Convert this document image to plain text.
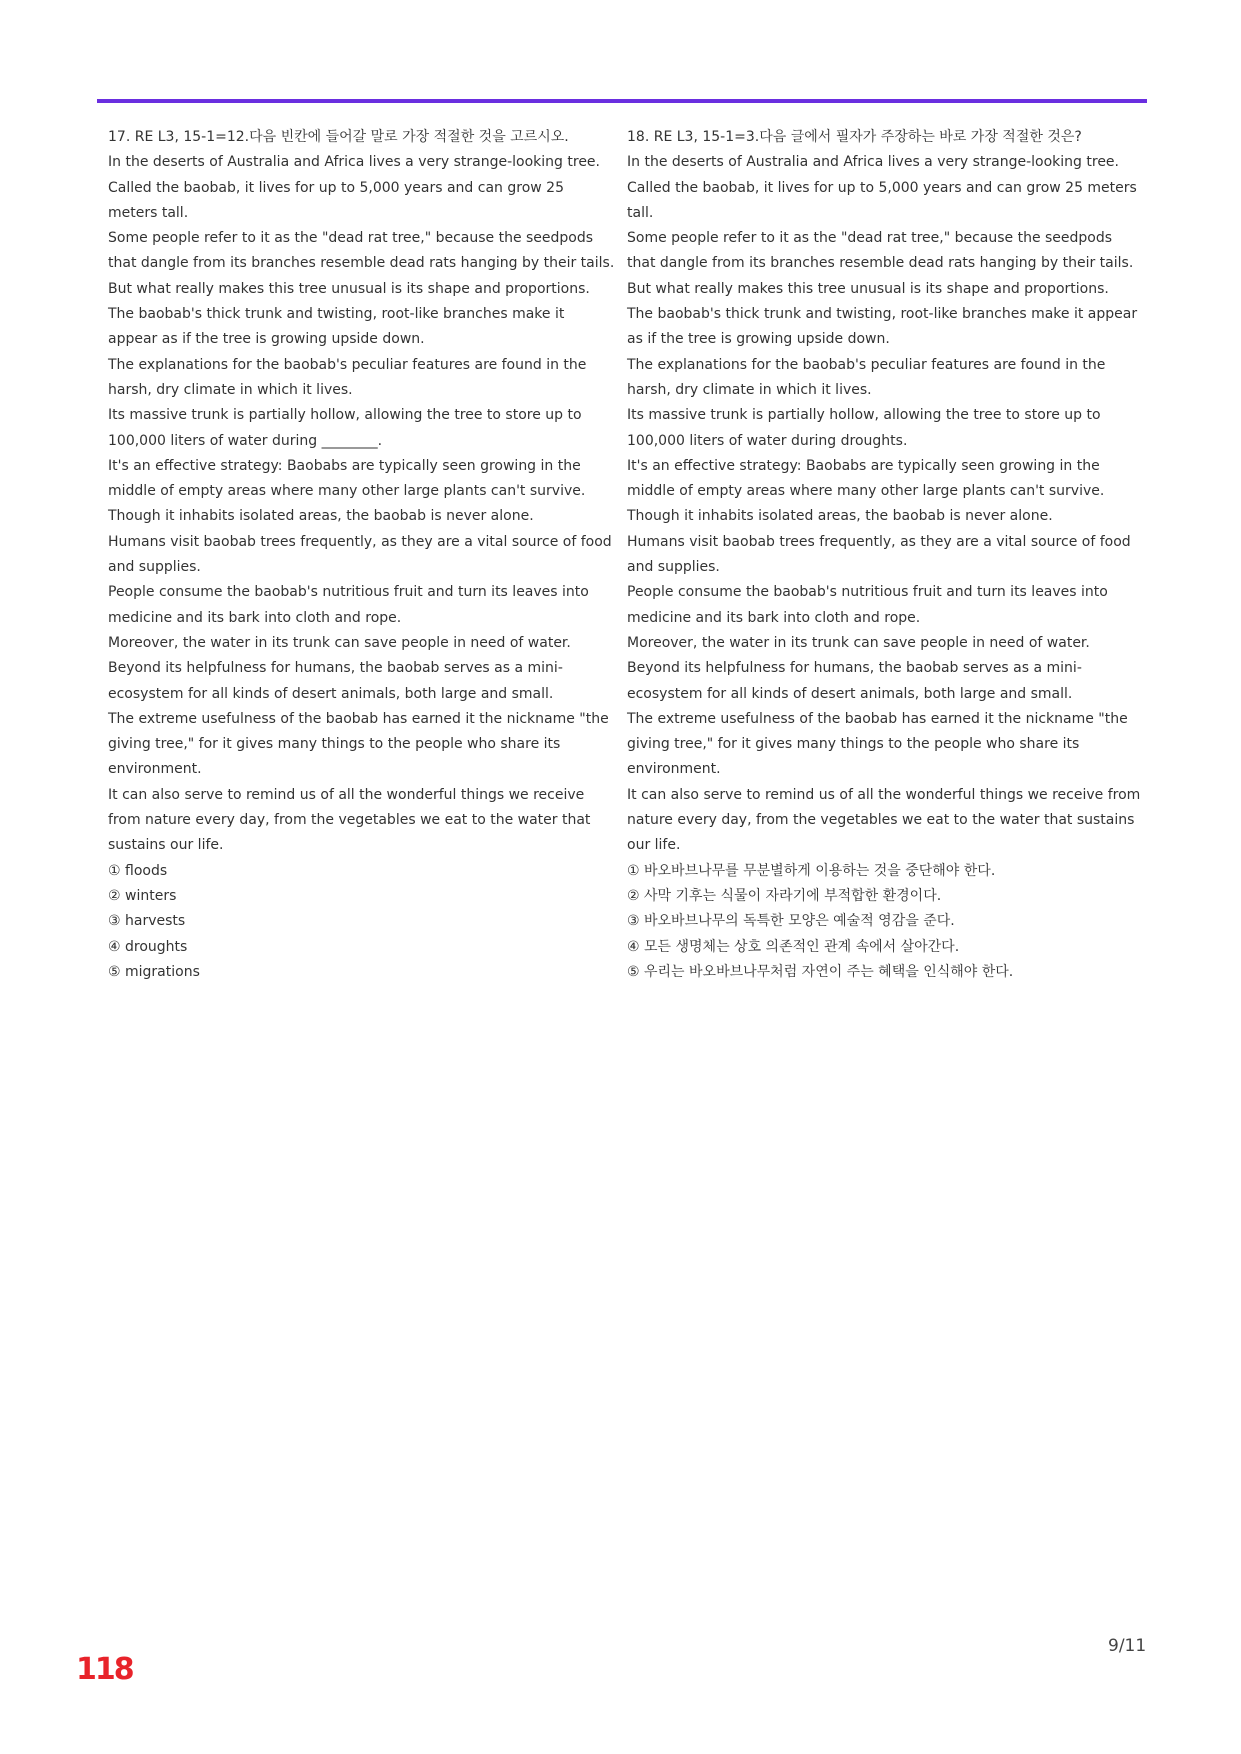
17. RE L3, 15-1=12.다음 빈칸에 들어갈 말로 가장 적절한 것을 고르시오.

In the deserts of Australia and Africa lives a very strange-looking tree.

Called the baobab, it lives for up to 5,000 years and can grow 25 meters tall.

Some people refer to it as the "dead rat tree," because the seedpods that dangle from its branches resemble dead rats hanging by their tails.

But what really makes this tree unusual is its shape and proportions.

The baobab's thick trunk and twisting, root-like branches make it appear as if the tree is growing upside down.

The explanations for the baobab's peculiar features are found in the harsh, dry climate in which it lives.

Its massive trunk is partially hollow, allowing the tree to store up to 100,000 liters of water during ________.

It's an effective strategy: Baobabs are typically seen growing in the middle of empty areas where many other large plants can't survive.

Though it inhabits isolated areas, the baobab is never alone.

Humans visit baobab trees frequently, as they are a vital source of food and supplies.

People consume the baobab's nutritious fruit and turn its leaves into medicine and its bark into cloth and rope.

Moreover, the water in its trunk can save people in need of water.

Beyond its helpfulness for humans, the baobab serves as a mini-ecosystem for all kinds of desert animals, both large and small.

The extreme usefulness of the baobab has earned it the nickname "the giving tree," for it gives many things to the people who share its environment.

It can also serve to remind us of all the wonderful things we receive from nature every day, from the vegetables we eat to the water that sustains our life.

① floods

② winters

③ harvests

④ droughts

⑤ migrations

18. RE L3, 15-1=3.다음 글에서 필자가 주장하는 바로 가장 적절한 것은?

In the deserts of Australia and Africa lives a very strange-looking tree.

Called the baobab, it lives for up to 5,000 years and can grow 25 meters tall.

Some people refer to it as the "dead rat tree," because the seedpods that dangle from its branches resemble dead rats hanging by their tails.

But what really makes this tree unusual is its shape and proportions.

The baobab's thick trunk and twisting, root-like branches make it appear as if the tree is growing upside down.

The explanations for the baobab's peculiar features are found in the harsh, dry climate in which it lives.

Its massive trunk is partially hollow, allowing the tree to store up to 100,000 liters of water during droughts.

It's an effective strategy: Baobabs are typically seen growing in the middle of empty areas where many other large plants can't survive.

Though it inhabits isolated areas, the baobab is never alone.

Humans visit baobab trees frequently, as they are a vital source of food and supplies.

People consume the baobab's nutritious fruit and turn its leaves into medicine and its bark into cloth and rope.

Moreover, the water in its trunk can save people in need of water.

Beyond its helpfulness for humans, the baobab serves as a mini-ecosystem for all kinds of desert animals, both large and small.

The extreme usefulness of the baobab has earned it the nickname "the giving tree," for it gives many things to the people who share its environment.

It can also serve to remind us of all the wonderful things we receive from nature every day, from the vegetables we eat to the water that sustains our life.

① 바오바브나무를 무분별하게 이용하는 것을 중단해야 한다.

② 사막 기후는 식물이 자라기에 부적합한 환경이다.

③ 바오바브나무의 독특한 모양은 예술적 영감을 준다.

④ 모든 생명체는 상호 의존적인 관계 속에서 살아간다.

⑤ 우리는 바오바브나무처럼 자연이 주는 혜택을 인식해야 한다.

9/11
118
